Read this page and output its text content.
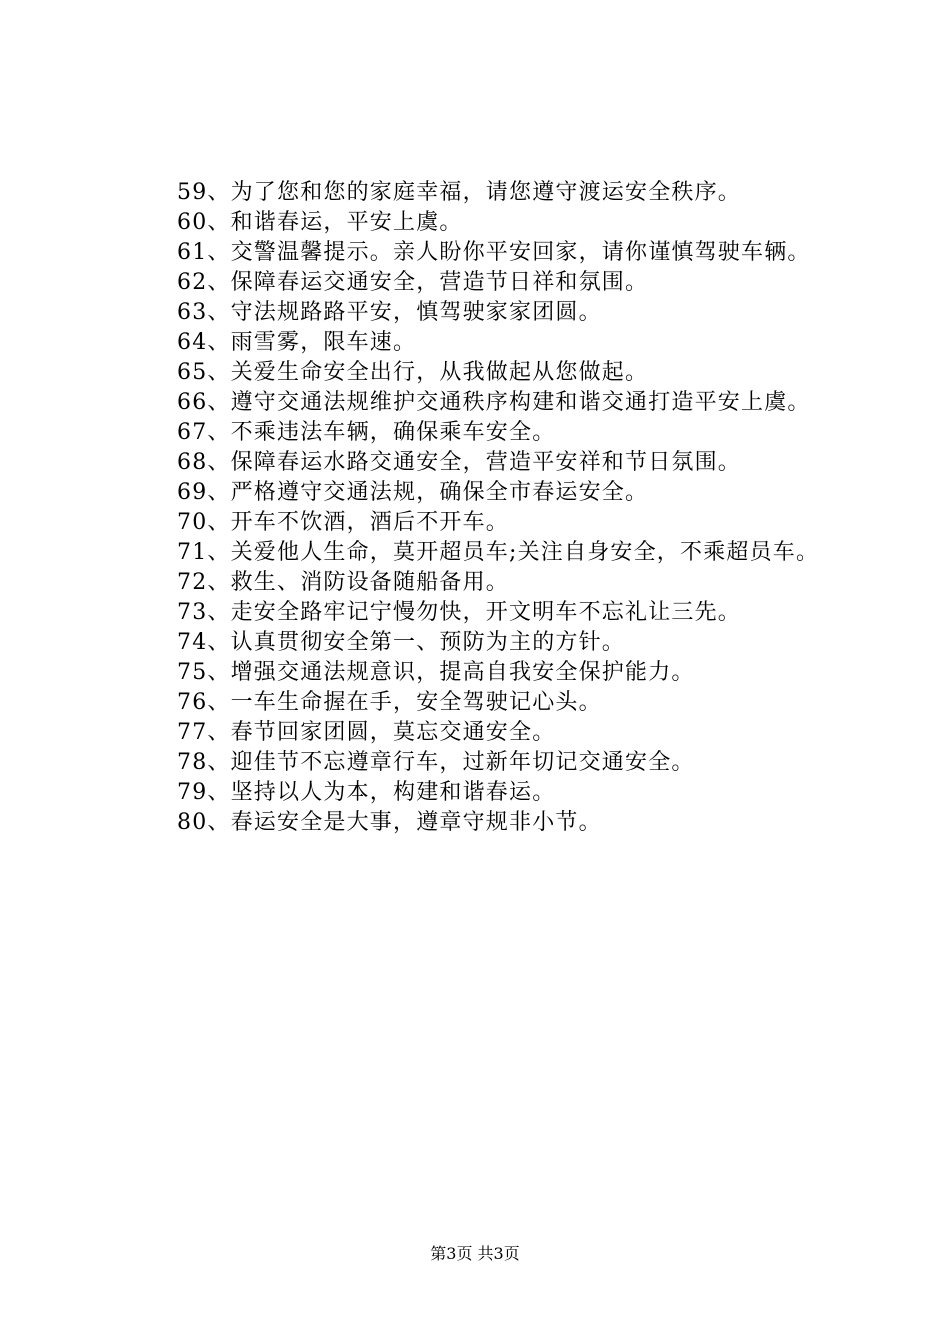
59、为了您和您的家庭幸福，请您遵守渡运安全秩序。

60、和谐春运，平安上虞。

61、交警温馨提示。亲人盼你平安回家，请你谨慎驾驶车辆。

62、保障春运交通安全，营造节日祥和氛围。

63、守法规路路平安，慎驾驶家家团圆。

64、雨雪雾，限车速。

65、关爱生命安全出行，从我做起从您做起。

66、遵守交通法规维护交通秩序构建和谐交通打造平安上虞。

67、不乘违法车辆，确保乘车安全。

68、保障春运水路交通安全，营造平安祥和节日氛围。

69、严格遵守交通法规，确保全市春运安全。

70、开车不饮酒，酒后不开车。

71、关爱他人生命，莫开超员车;关注自身安全，不乘超员车。

72、救生、消防设备随船备用。

73、走安全路牢记宁慢勿快，开文明车不忘礼让三先。

74、认真贯彻安全第一、预防为主的方针。

75、增强交通法规意识，提高自我安全保护能力。

76、一车生命握在手，安全驾驶记心头。

77、春节回家团圆，莫忘交通安全。

78、迎佳节不忘遵章行车，过新年切记交通安全。

79、坚持以人为本，构建和谐春运。

80、春运安全是大事，遵章守规非小节。

第3页 共3页
